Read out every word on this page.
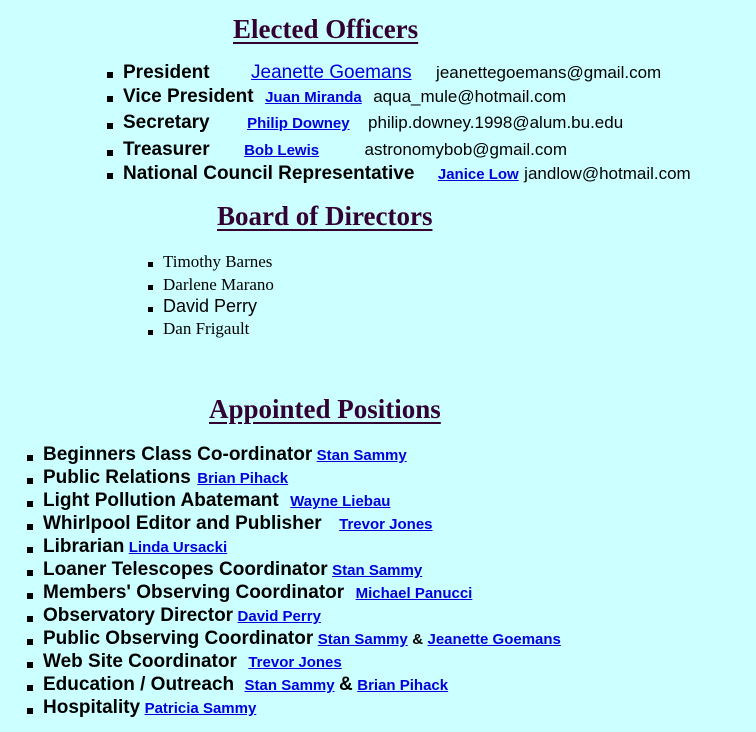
Elected Officers
President Jeanette Goemans jeanettegoemans@gmail.com
Vice President Juan Miranda aqua_mule@hotmail.com
Secretary Philip Downey philip.downey.1998@alum.bu.edu
Treasurer Bob Lewis	astronomybob@gmail.com
National Council Representative Janice Low jandlow@hotmail.com
Board of Directors
Timothy Barnes
Darlene Marano
David Perry
Dan Frigault
Appointed Positions
Beginners Class Co-ordinator Stan Sammy
Public Relations Brian Pihack
Light Pollution Abatemant Wayne Liebau
Whirlpool Editor and Publisher Trevor Jones
Librarian Linda Ursacki
Loaner Telescopes Coordinator Stan Sammy
Members' Observing Coordinator Michael Panucci
Observatory Director David Perry
Public Observing Coordinator Stan Sammy & Jeanette Goemans
Web Site Coordinator Trevor Jones
Education / Outreach Stan Sammy & Brian Pihack
Hospitality Patricia Sammy
